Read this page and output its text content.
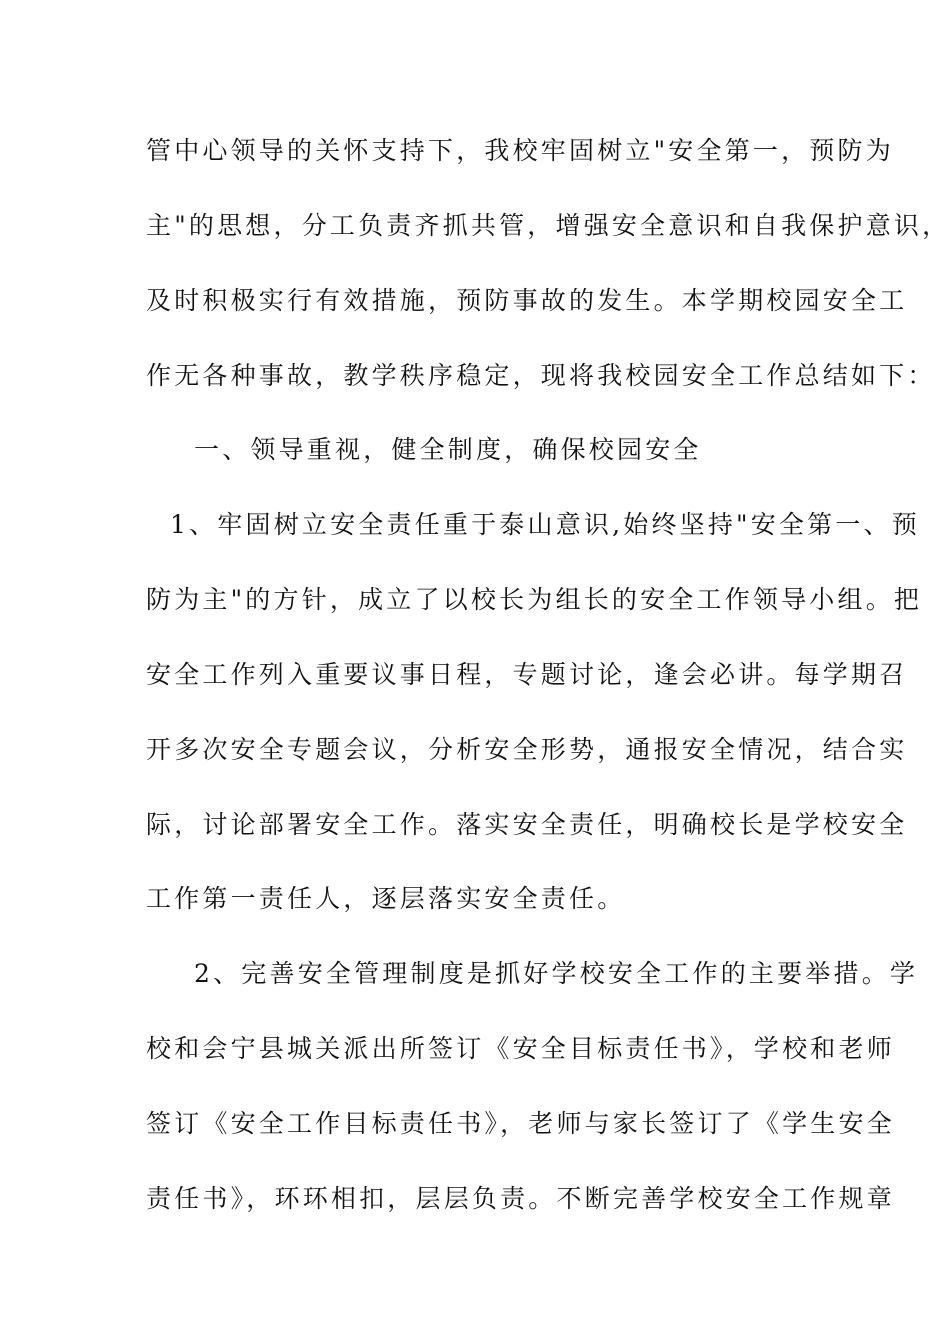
管中心领导的关怀支持下，我校牢固树立"安全第一，预防为
主"的思想，分工负责齐抓共管，增强安全意识和自我保护意识，
及时积极实行有效措施，预防事故的发生。本学期校园安全工
作无各种事故，教学秩序稳定，现将我校园安全工作总结如下：
一、领导重视，健全制度，确保校园安全
1、牢固树立安全责任重于泰山意识,始终坚持"安全第一、预
防为主"的方针，成立了以校长为组长的安全工作领导小组。把
安全工作列入重要议事日程，专题讨论，逢会必讲。每学期召
开多次安全专题会议，分析安全形势，通报安全情况，结合实
际，讨论部署安全工作。落实安全责任，明确校长是学校安全
工作第一责任人，逐层落实安全责任。
2、完善安全管理制度是抓好学校安全工作的主要举措。学
校和会宁县城关派出所签订《安全目标责任书》，学校和老师
签订《安全工作目标责任书》，老师与家长签订了《学生安全
责任书》，环环相扣，层层负责。不断完善学校安全工作规章
